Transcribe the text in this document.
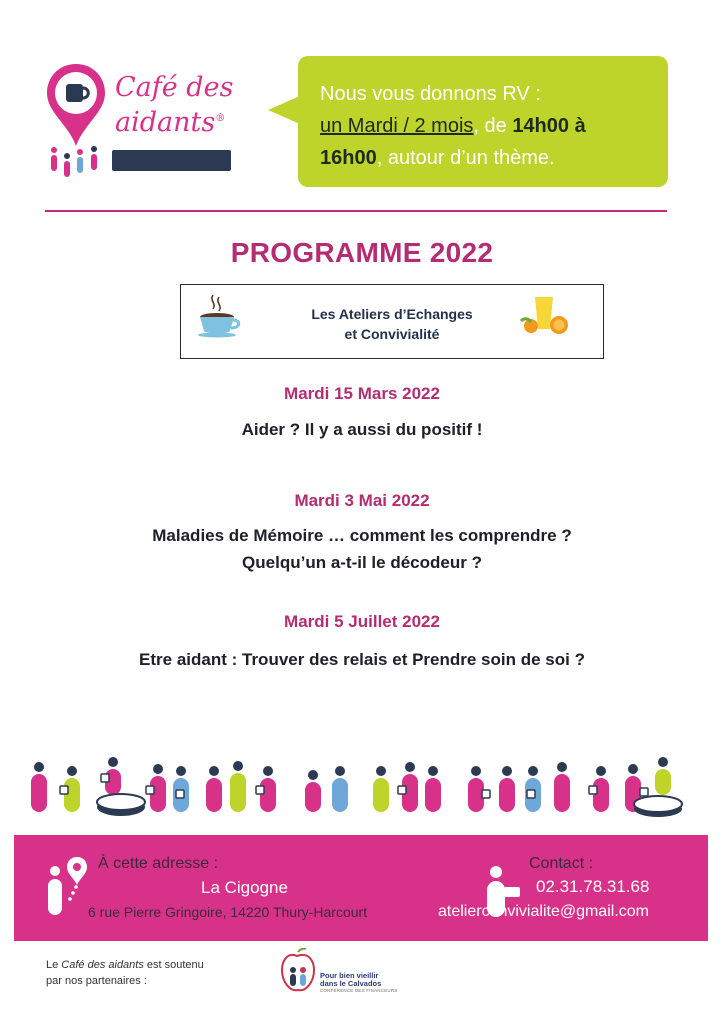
Café des
aidants®
Nous vous donnons RV :
un Mardi / 2 mois, de 14h00 à
16h00, autour d’un thème.
PROGRAMME 2022
Les Ateliers d’Echanges
et Convivialité
Mardi 15 Mars 2022
Aider ? Il y a aussi du positif !
Mardi 3 Mai 2022
Maladies de Mémoire … comment les comprendre ?
Quelqu’un a-t-il le décodeur ?
Mardi 5 Juillet 2022
Etre aidant : Trouver des relais et Prendre soin de soi ?
À cette adresse :
La Cigogne
6 rue Pierre Gringoire, 14220 Thury-Harcourt
Contact :
02.31.78.31.68
atelierconvivialite@gmail.com
Le Café des aidants est soutenu
par nos partenaires :	Pour bien vieillir
dans le Calvados
CONFÉRENCE DES FINANCEURS
